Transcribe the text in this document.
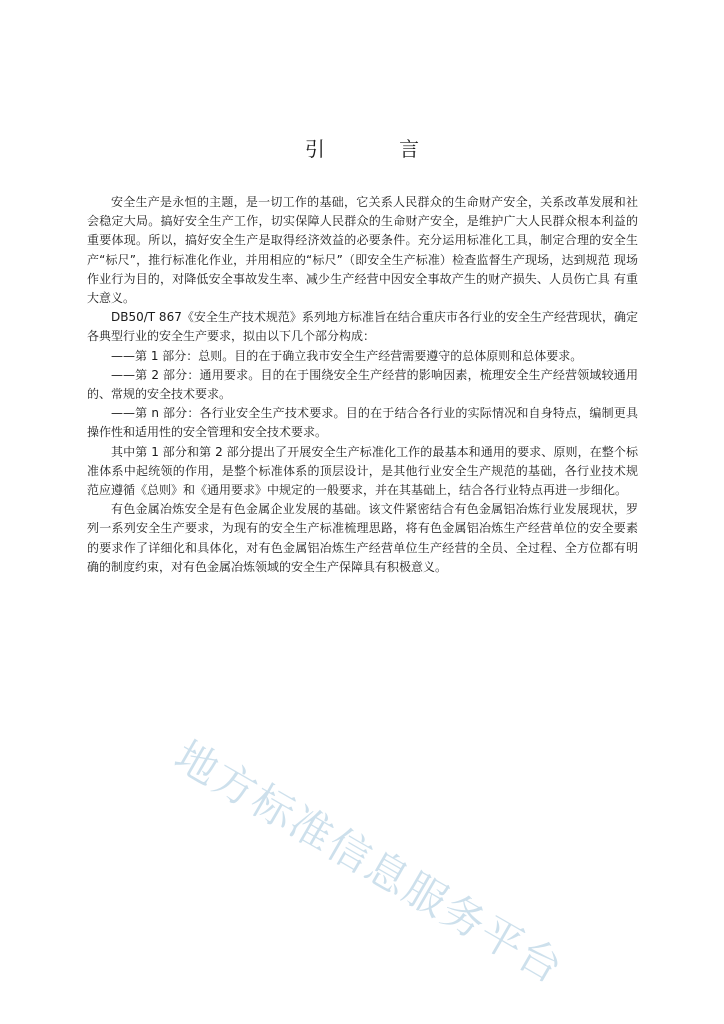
引 言

安全生产是永恒的主题，是一切工作的基础，它关系人民群众的生命财产安全，关系改革发展和社 会稳定大局。搞好安全生产工作，切实保障人民群众的生命财产安全，是维护广大人民群众根本利益的 重要体现。所以，搞好安全生产是取得经济效益的必要条件。充分运用标准化工具，制定合理的安全生 产“标尺”，推行标准化作业，并用相应的“标尺”（即安全生产标准）检查监督生产现场，达到规范 现场作业行为目的，对降低安全事故发生率、减少生产经营中因安全事故产生的财产损失、人员伤亡具 有重大意义。

DB50/T 867《安全生产技术规范》系列地方标准旨在结合重庆市各行业的安全生产经营现状，确定 各典型行业的安全生产要求，拟由以下几个部分构成：

——第 1 部分：总则。目的在于确立我市安全生产经营需要遵守的总体原则和总体要求。

——第 2 部分：通用要求。目的在于围绕安全生产经营的影响因素，梳理安全生产经营领域较通用的、常规的安全技术要求。

——第 n 部分：各行业安全生产技术要求。目的在于结合各行业的实际情况和自身特点，编制更具 操作性和适用性的安全管理和安全技术要求。

其中第 1 部分和第 2 部分提出了开展安全生产标准化工作的最基本和通用的要求、原则，在整个标 准体系中起统领的作用，是整个标准体系的顶层设计，是其他行业安全生产规范的基础，各行业技术规 范应遵循《总则》和《通用要求》中规定的一般要求，并在其基础上，结合各行业特点再进一步细化。

有色金属冶炼安全是有色金属企业发展的基础。该文件紧密结合有色金属铝冶炼行业发展现状，罗列一系列安全生产要求，为现有的安全生产标准梳理思路，将有色金属铝冶炼生产经营单位的安全要素的要求作了详细化和具体化，对有色金属铝冶炼生产经营单位生产经营的全员、全过程、全方位都有明确的制度约束，对有色金属冶炼领域的安全生产保障具有积极意义。

地方标准信息服务平台
